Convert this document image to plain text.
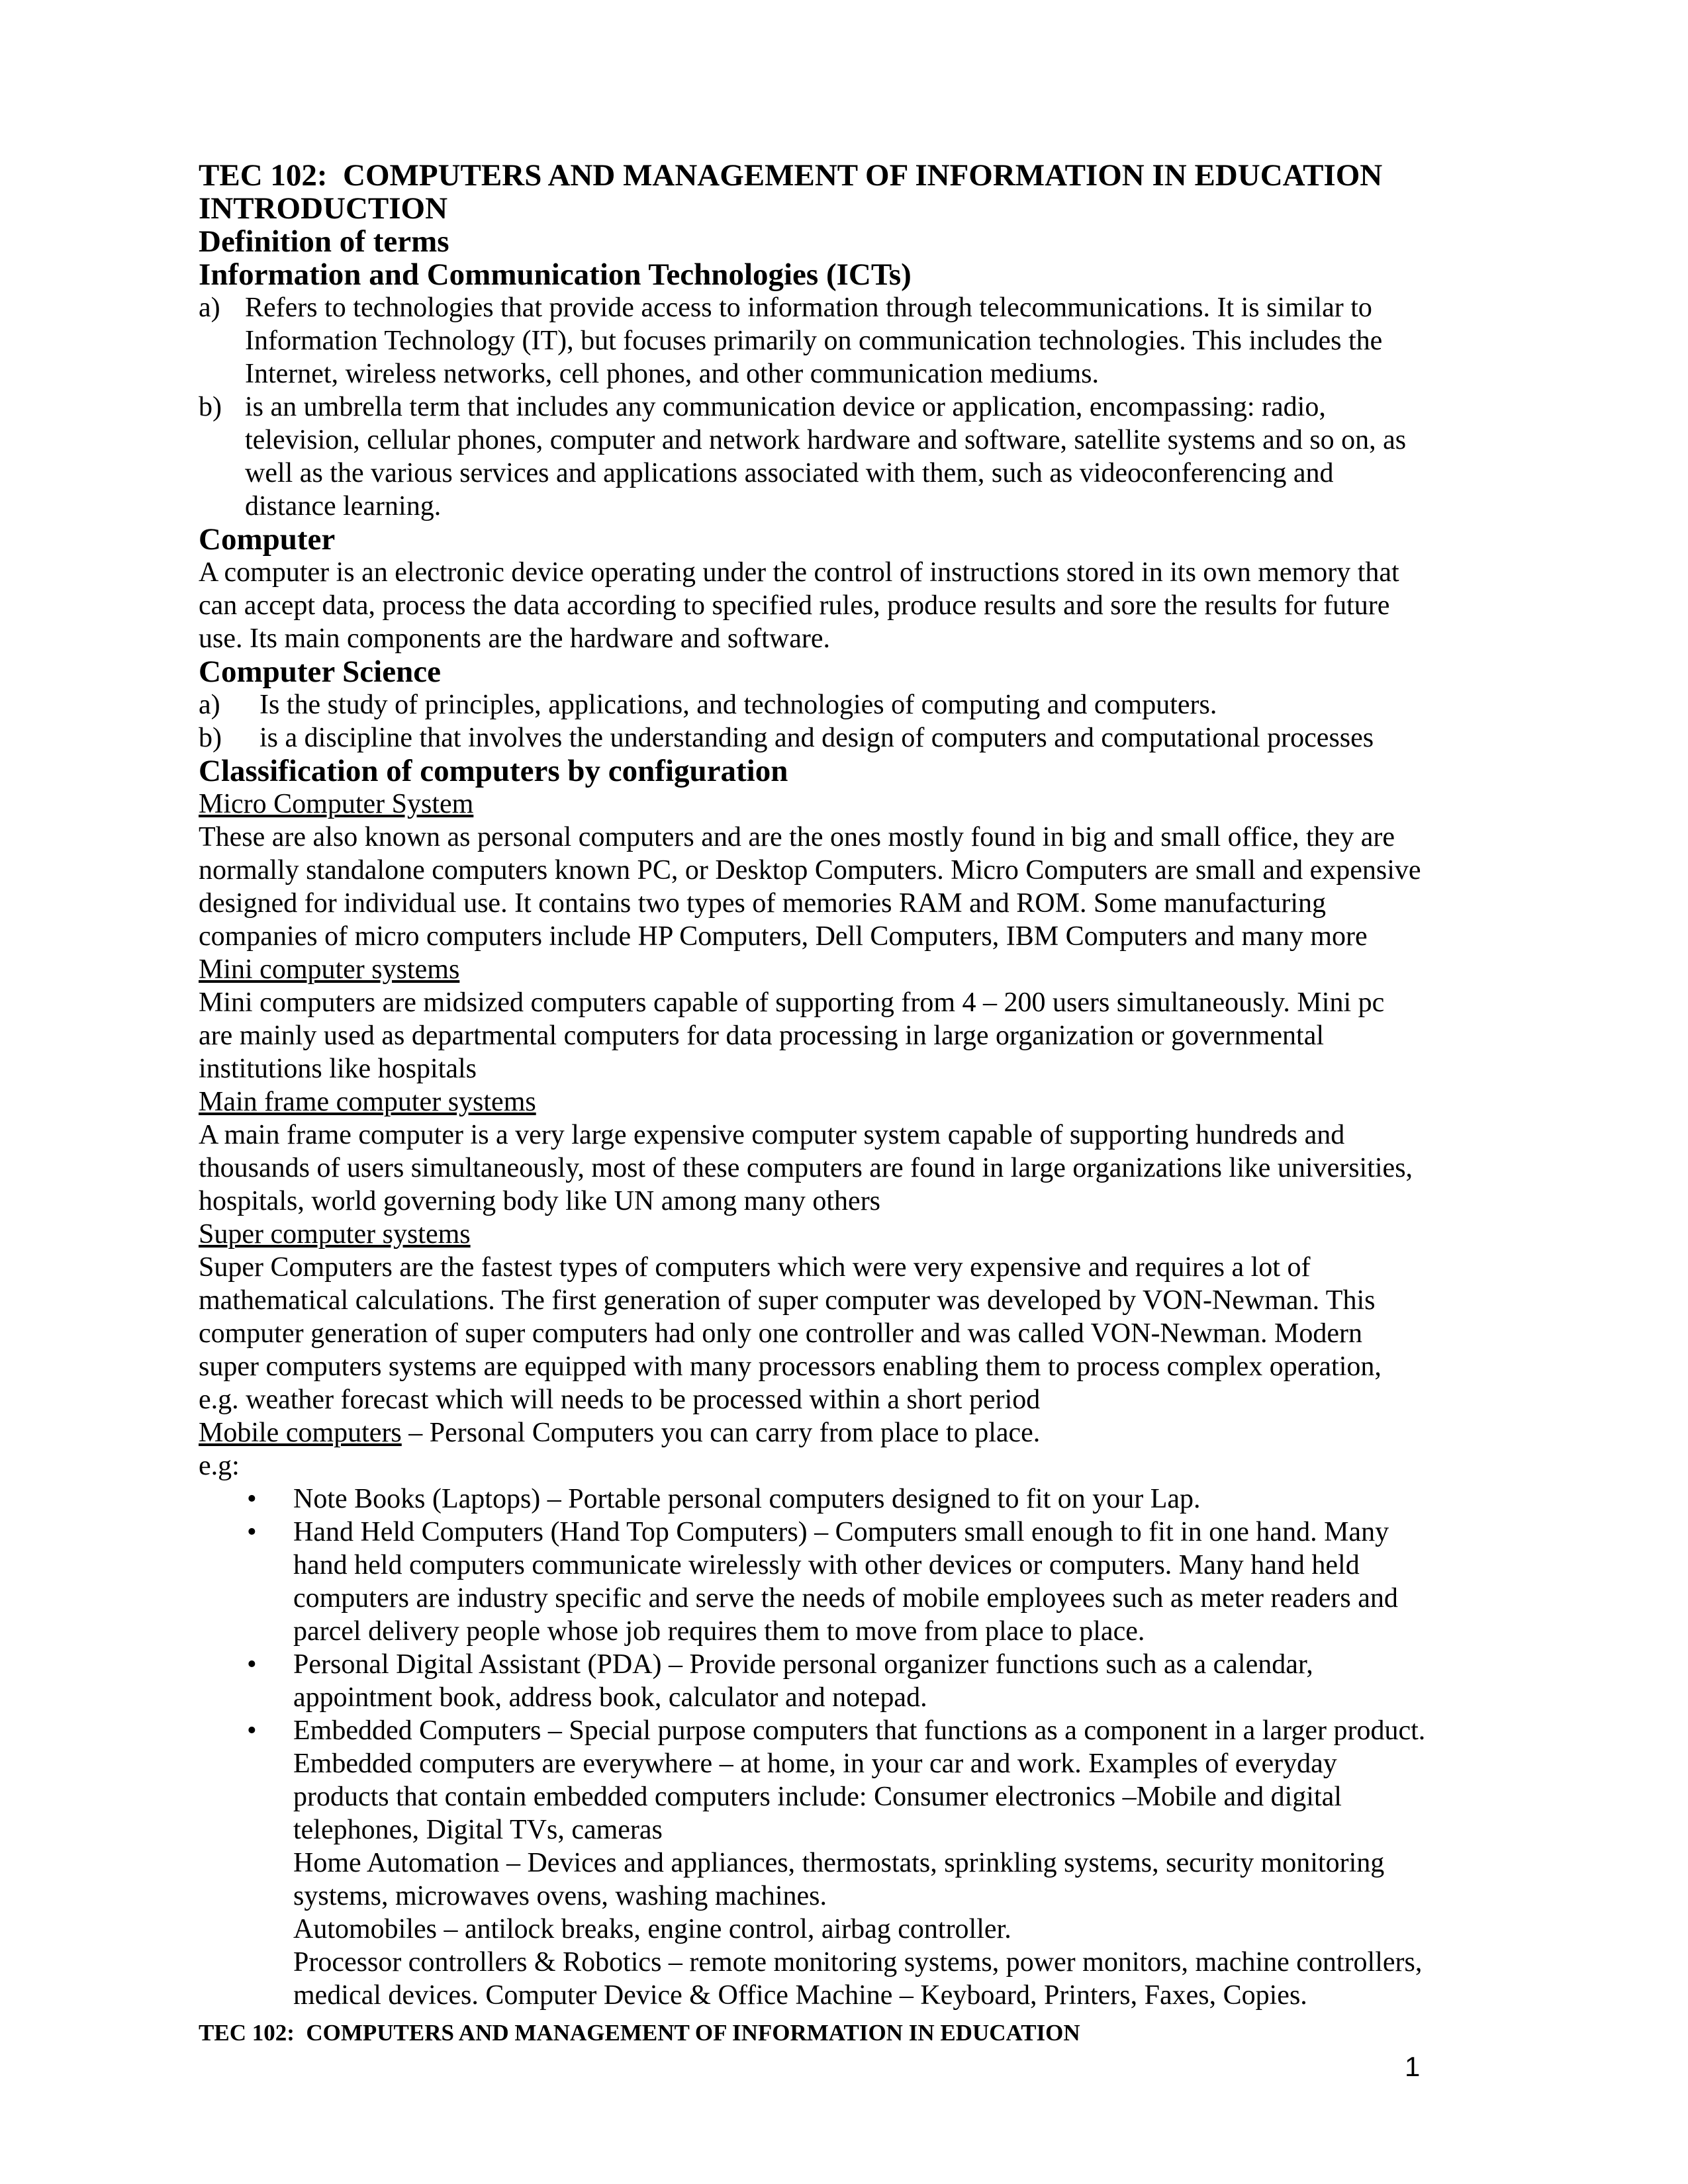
TEC 102:  COMPUTERS AND MANAGEMENT OF INFORMATION IN EDUCATION
INTRODUCTION
Definition of terms
Information and Communication Technologies (ICTs)
a) Refers to technologies that provide access to information through telecommunications. It is similar to
Information Technology (IT), but focuses primarily on communication technologies. This includes the
Internet, wireless networks, cell phones, and other communication mediums.
b) is an umbrella term that includes any communication device or application, encompassing: radio,
television, cellular phones, computer and network hardware and software, satellite systems and so on, as
well as the various services and applications associated with them, such as videoconferencing and
distance learning.
Computer
A computer is an electronic device operating under the control of instructions stored in its own memory that
can accept data, process the data according to specified rules, produce results and sore the results for future
use. Its main components are the hardware and software.
Computer Science
a) Is the study of principles, applications, and technologies of computing and computers.
b) is a discipline that involves the understanding and design of computers and computational processes
Classification of computers by configuration
Micro Computer System
These are also known as personal computers and are the ones mostly found in big and small office, they are
normally standalone computers known PC, or Desktop Computers. Micro Computers are small and expensive
designed for individual use. It contains two types of memories RAM and ROM. Some manufacturing
companies of micro computers include HP Computers, Dell Computers, IBM Computers and many more
Mini computer systems
Mini computers are midsized computers capable of supporting from 4 – 200 users simultaneously. Mini pc
are mainly used as departmental computers for data processing in large organization or governmental
institutions like hospitals
Main frame computer systems
A main frame computer is a very large expensive computer system capable of supporting hundreds and
thousands of users simultaneously, most of these computers are found in large organizations like universities,
hospitals, world governing body like UN among many others
Super computer systems
Super Computers are the fastest types of computers which were very expensive and requires a lot of
mathematical calculations. The first generation of super computer was developed by VON-Newman. This
computer generation of super computers had only one controller and was called VON-Newman. Modern
super computers systems are equipped with many processors enabling them to process complex operation,
e.g. weather forecast which will needs to be processed within a short period
Mobile computers – Personal Computers you can carry from place to place.
e.g:
• Note Books (Laptops) – Portable personal computers designed to fit on your Lap.
• Hand Held Computers (Hand Top Computers) – Computers small enough to fit in one hand. Many
hand held computers communicate wirelessly with other devices or computers. Many hand held
computers are industry specific and serve the needs of mobile employees such as meter readers and
parcel delivery people whose job requires them to move from place to place.
• Personal Digital Assistant (PDA) – Provide personal organizer functions such as a calendar,
appointment book, address book, calculator and notepad.
• Embedded Computers – Special purpose computers that functions as a component in a larger product.
Embedded computers are everywhere – at home, in your car and work. Examples of everyday
products that contain embedded computers include: Consumer electronics –Mobile and digital
telephones, Digital TVs, cameras
Home Automation – Devices and appliances, thermostats, sprinkling systems, security monitoring
systems, microwaves ovens, washing machines.
Automobiles – antilock breaks, engine control, airbag controller.
Processor controllers & Robotics – remote monitoring systems, power monitors, machine controllers,
medical devices. Computer Device & Office Machine – Keyboard, Printers, Faxes, Copies.
TEC 102:  COMPUTERS AND MANAGEMENT OF INFORMATION IN EDUCATION
1
